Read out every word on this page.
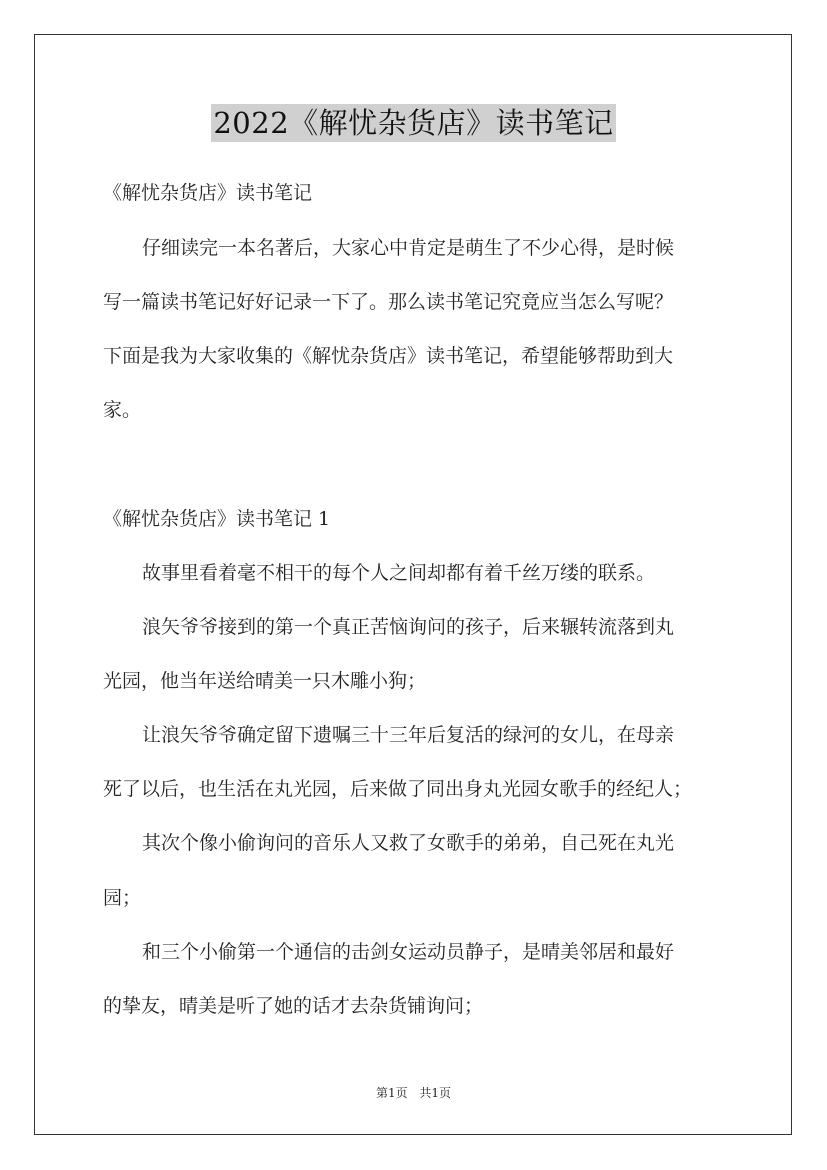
2022《解忧杂货店》读书笔记
《解忧杂货店》读书笔记
仔细读完一本名著后，大家心中肯定是萌生了不少心得，是时候
写一篇读书笔记好好记录一下了。那么读书笔记究竟应当怎么写呢？
下面是我为大家收集的《解忧杂货店》读书笔记，希望能够帮助到大
家。
《解忧杂货店》读书笔记 1
故事里看着毫不相干的每个人之间却都有着千丝万缕的联系。
浪矢爷爷接到的第一个真正苦恼询问的孩子，后来辗转流落到丸
光园，他当年送给晴美一只木雕小狗；
让浪矢爷爷确定留下遗嘱三十三年后复活的绿河的女儿，在母亲
死了以后，也生活在丸光园，后来做了同出身丸光园女歌手的经纪人；
其次个像小偷询问的音乐人又救了女歌手的弟弟，自己死在丸光
园；
和三个小偷第一个通信的击剑女运动员静子，是晴美邻居和最好
的挚友，晴美是听了她的话才去杂货铺询问；
第1页 共1页
